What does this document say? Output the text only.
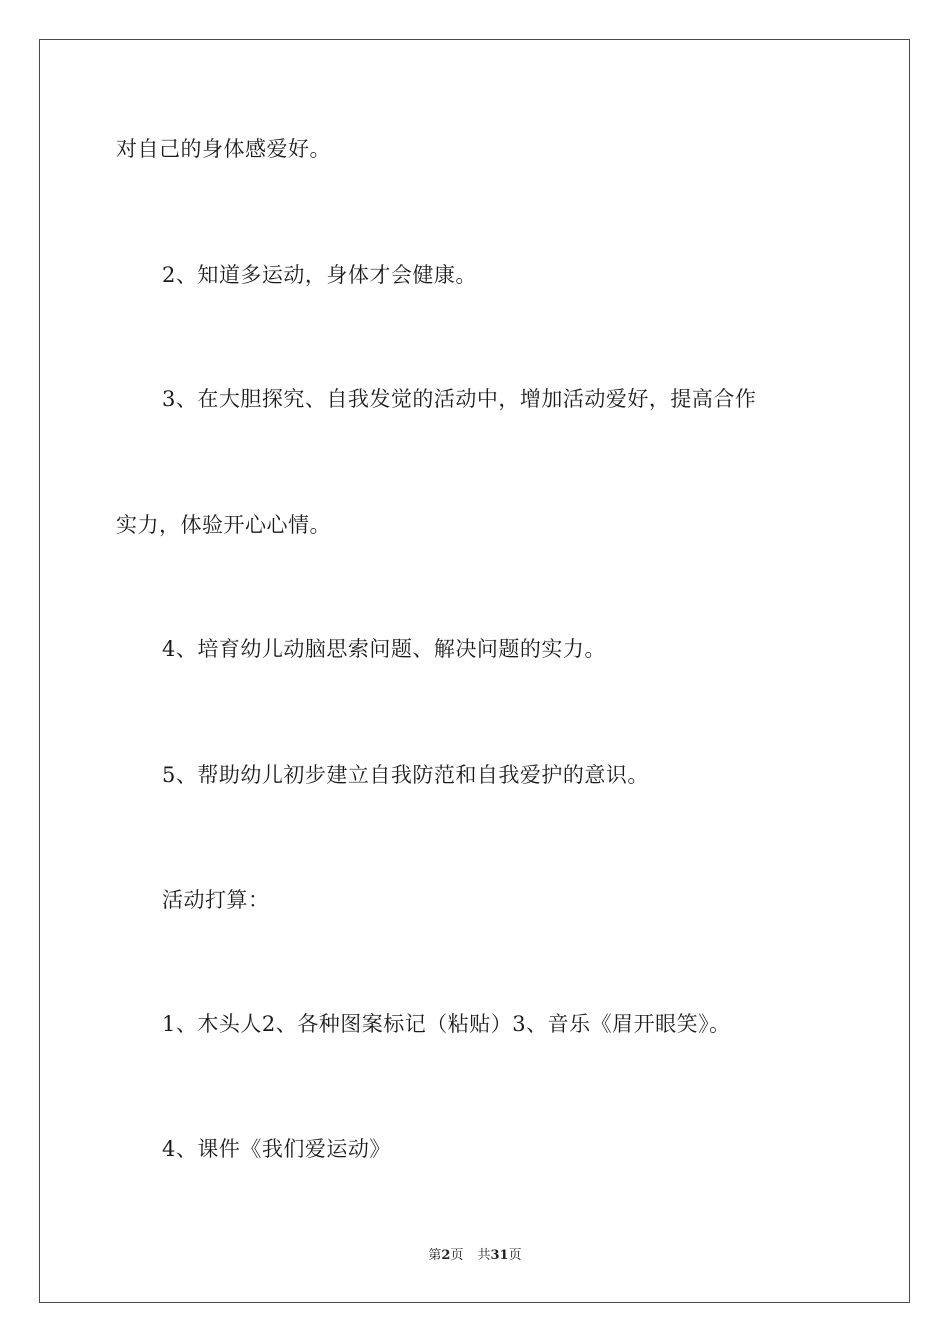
对自己的身体感爱好。

2、知道多运动，身体才会健康。

3、在大胆探究、自我发觉的活动中，增加活动爱好，提高合作

实力，体验开心心情。

4、培育幼儿动脑思索问题、解决问题的实力。

5、帮助幼儿初步建立自我防范和自我爱护的意识。

活动打算：

1、木头人2、各种图案标记（粘贴）3、音乐《眉开眼笑》。

4、课件《我们爱运动》

第2页 共31页
